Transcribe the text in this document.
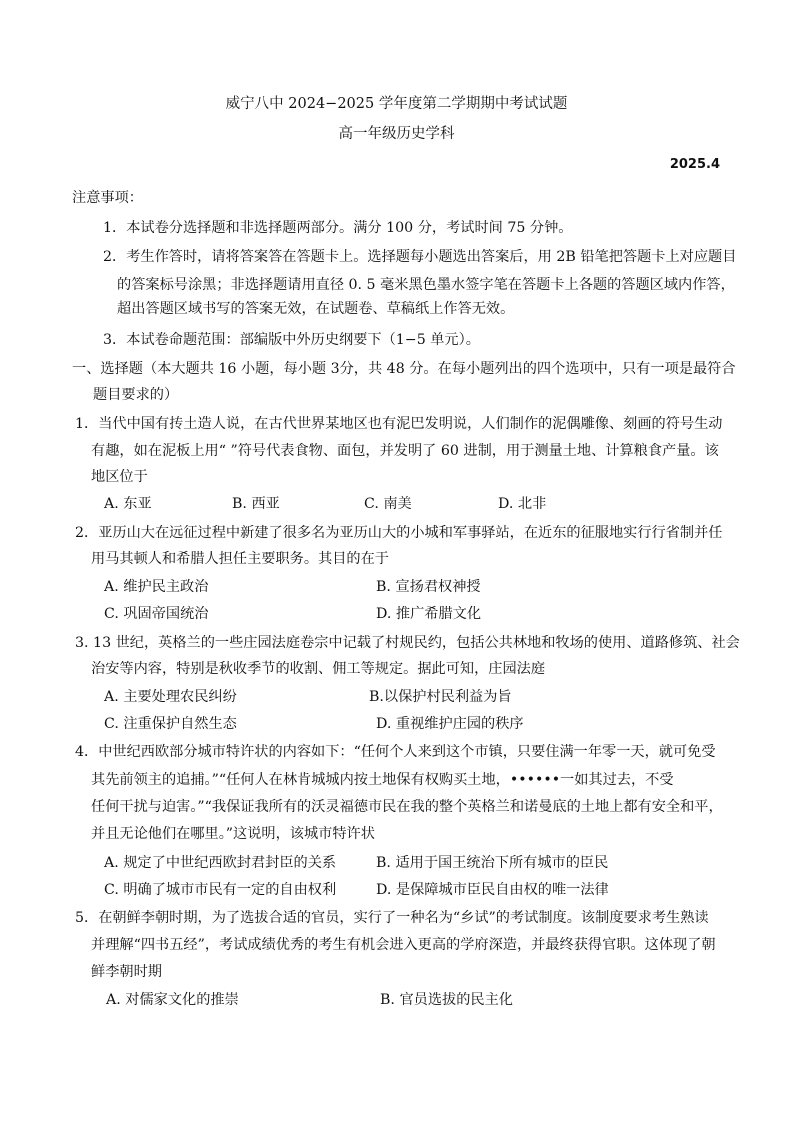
威宁八中 2024−2025 学年度第二学期期中考试试题
高一年级历史学科
2025.4
注意事项：
1．本试卷分选择题和非选择题两部分。满分 100 分，考试时间 75 分钟。
2．考生作答时，请将答案答在答题卡上。选择题每小题选出答案后，用 2B 铅笔把答题卡上对应题目
的答案标号涂黑；非选择题请用直径 0. 5 毫米黑色墨水签字笔在答题卡上各题的答题区域内作答，
超出答题区域书写的答案无效，在试题卷、草稿纸上作答无效。
3．本试卷命题范围：部编版中外历史纲要下（1−5 单元）。
一、选择题（本大题共 16 小题，每小题 3分，共 48 分。在每小题列出的四个选项中，只有一项是最符合
题目要求的）
1．当代中国有抟土造人说，在古代世界某地区也有泥巴发明说，人们制作的泥偶雕像、刻画的符号生动
有趣，如在泥板上用“ ”符号代表食物、面包，并发明了 60 进制，用于测量土地、计算粮食产量。该
地区位于
A. 东亚	B. 西亚	C. 南美	D. 北非
2．亚历山大在远征过程中新建了很多名为亚历山大的小城和军事驿站，在近东的征服地实行行省制并任
用马其顿人和希腊人担任主要职务。其目的在于
A. 维护民主政治	B. 宣扬君权神授
C. 巩固帝国统治	D. 推广希腊文化
3. 13 世纪，英格兰的一些庄园法庭卷宗中记载了村规民约，包括公共林地和牧场的使用、道路修筑、社会
治安等内容，特别是秋收季节的收割、佣工等规定。据此可知，庄园法庭
A. 主要处理农民纠纷	B.以保护村民利益为旨
C. 注重保护自然生态	D. 重视维护庄园的秩序
4．中世纪西欧部分城市特许状的内容如下：“任何个人来到这个市镇，只要住满一年零一天，就可免受
其先前领主的追捕。”“任何人在林肯城城内按土地保有权购买土地，••••••一如其过去，不受
任何干扰与迫害。”“我保证我所有的沃灵福德市民在我的整个英格兰和诺曼底的土地上都有安全和平，
并且无论他们在哪里。”这说明，该城市特许状
A. 规定了中世纪西欧封君封臣的关系	B. 适用于国王统治下所有城市的臣民
C. 明确了城市市民有一定的自由权利	D. 是保障城市臣民自由权的唯一法律
5．在朝鲜李朝时期，为了选拔合适的官员，实行了一种名为“乡试”的考试制度。该制度要求考生熟读
并理解“四书五经”，考试成绩优秀的考生有机会进入更高的学府深造，并最终获得官职。这体现了朝
鲜李朝时期
A. 对儒家文化的推崇	B. 官员选拔的民主化
